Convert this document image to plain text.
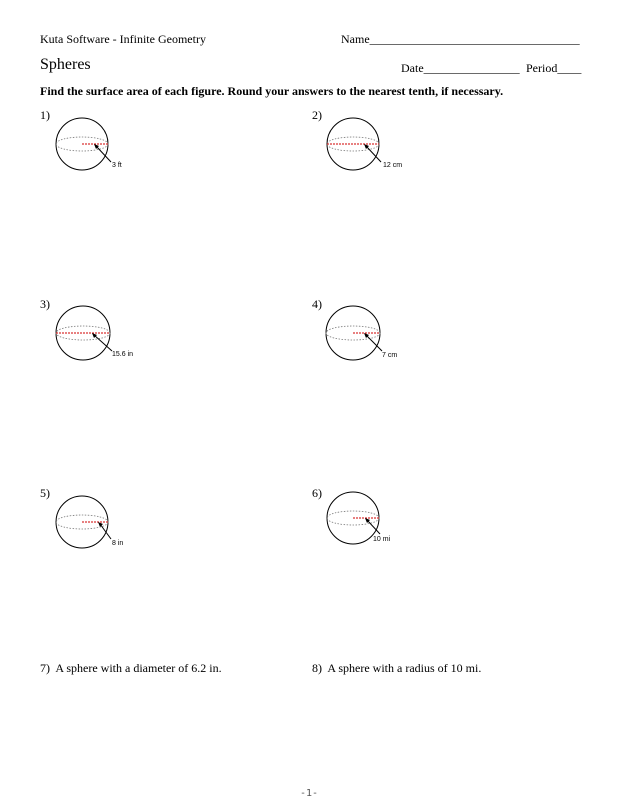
Kuta Software - Infinite Geometry	Name___________________________________
Spheres	Date________________ Period____
Find the surface area of each figure. Round your answers to the nearest tenth, if necessary.
1)
3 ft
2)
12 cm
3)
15.6 in
4)
7 cm
5)
8 in
6)
10 mi
7) A sphere with a diameter of 6.2 in.	8) A sphere with a radius of 10 mi.
-1-
